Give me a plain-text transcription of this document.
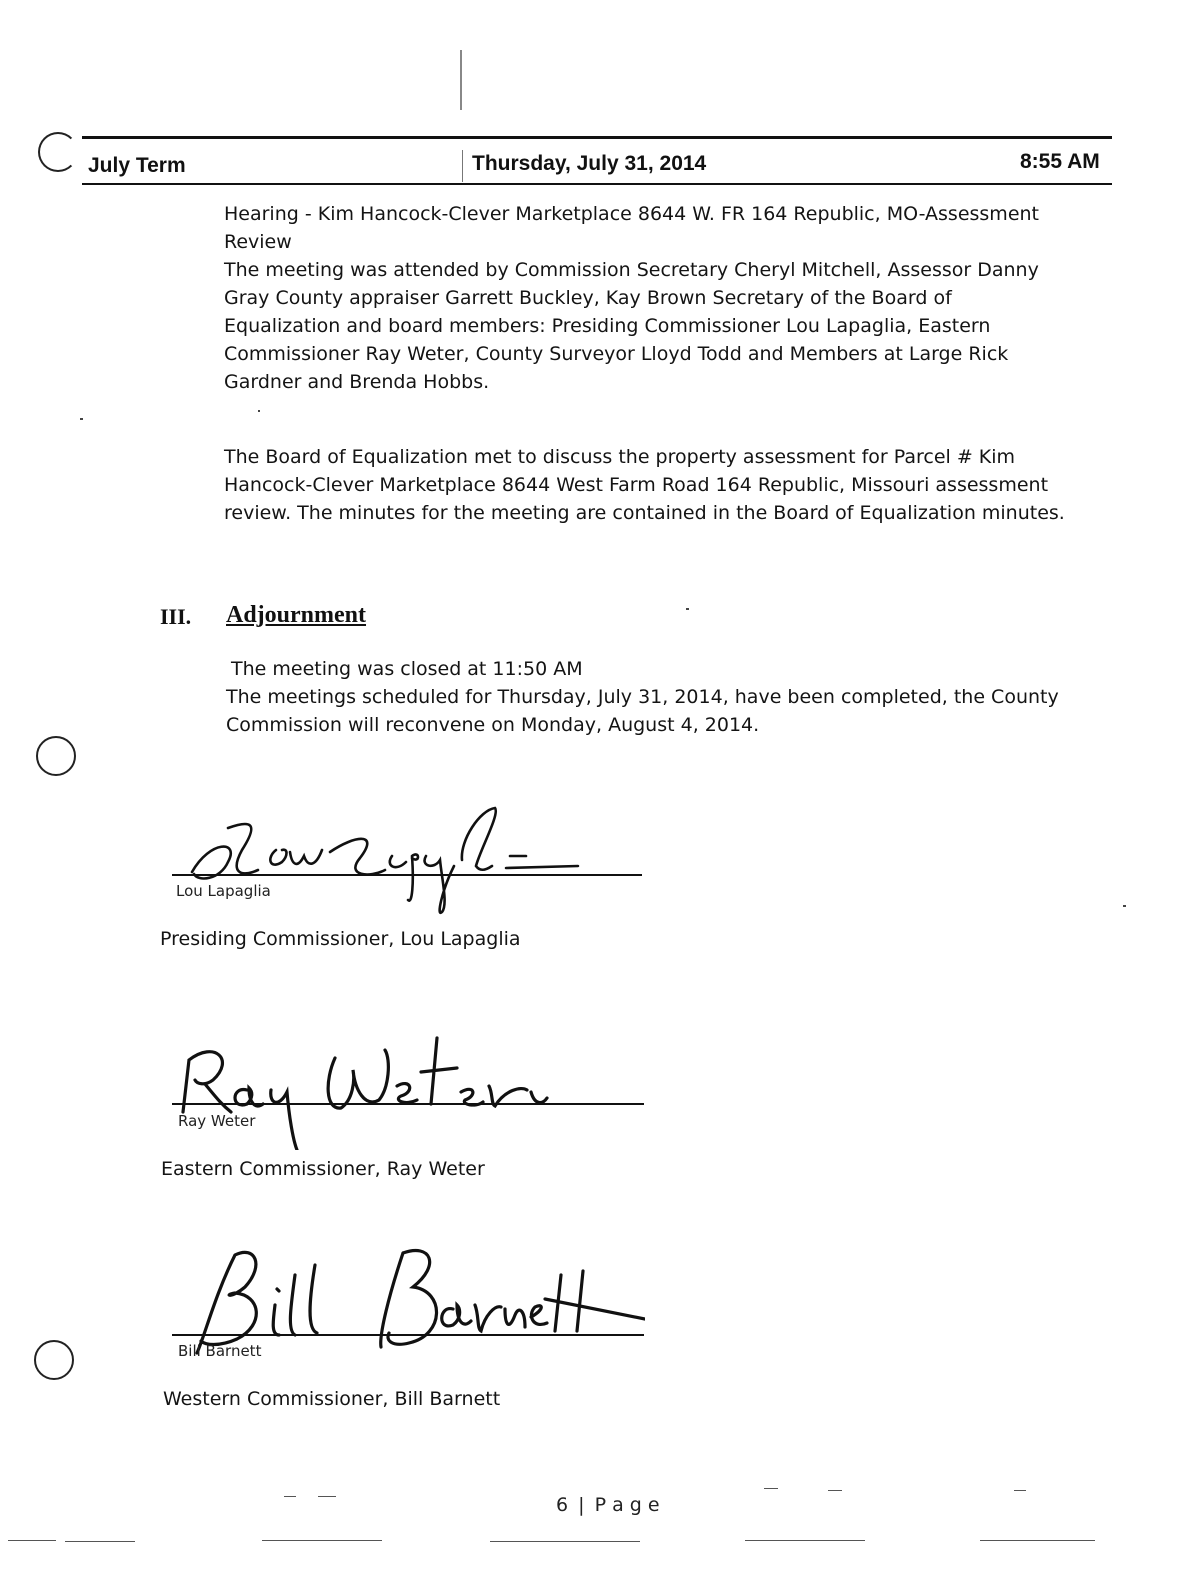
July Term	Thursday, July 31, 2014	8:55 AM
Hearing - Kim Hancock-Clever Marketplace 8644 W. FR 164 Republic, MO-Assessment
Review
The meeting was attended by Commission Secretary Cheryl Mitchell, Assessor Danny
Gray County appraiser Garrett Buckley, Kay Brown Secretary of the Board of
Equalization and board members: Presiding Commissioner Lou Lapaglia, Eastern
Commissioner Ray Weter, County Surveyor Lloyd Todd and Members at Large Rick
Gardner and Brenda Hobbs.
The Board of Equalization met to discuss the property assessment for Parcel # Kim
Hancock-Clever Marketplace 8644 West Farm Road 164 Republic, Missouri assessment
review. The minutes for the meeting are contained in the Board of Equalization minutes.
III. Adjournment
The meeting was closed at 11:50 AM
The meetings scheduled for Thursday, July 31, 2014, have been completed, the County
Commission will reconvene on Monday, August 4, 2014.
Lou Lapaglia
Presiding Commissioner, Lou Lapaglia
Ray Weter
Eastern Commissioner, Ray Weter
Bill Barnett
Western Commissioner, Bill Barnett
6 | P a g e
